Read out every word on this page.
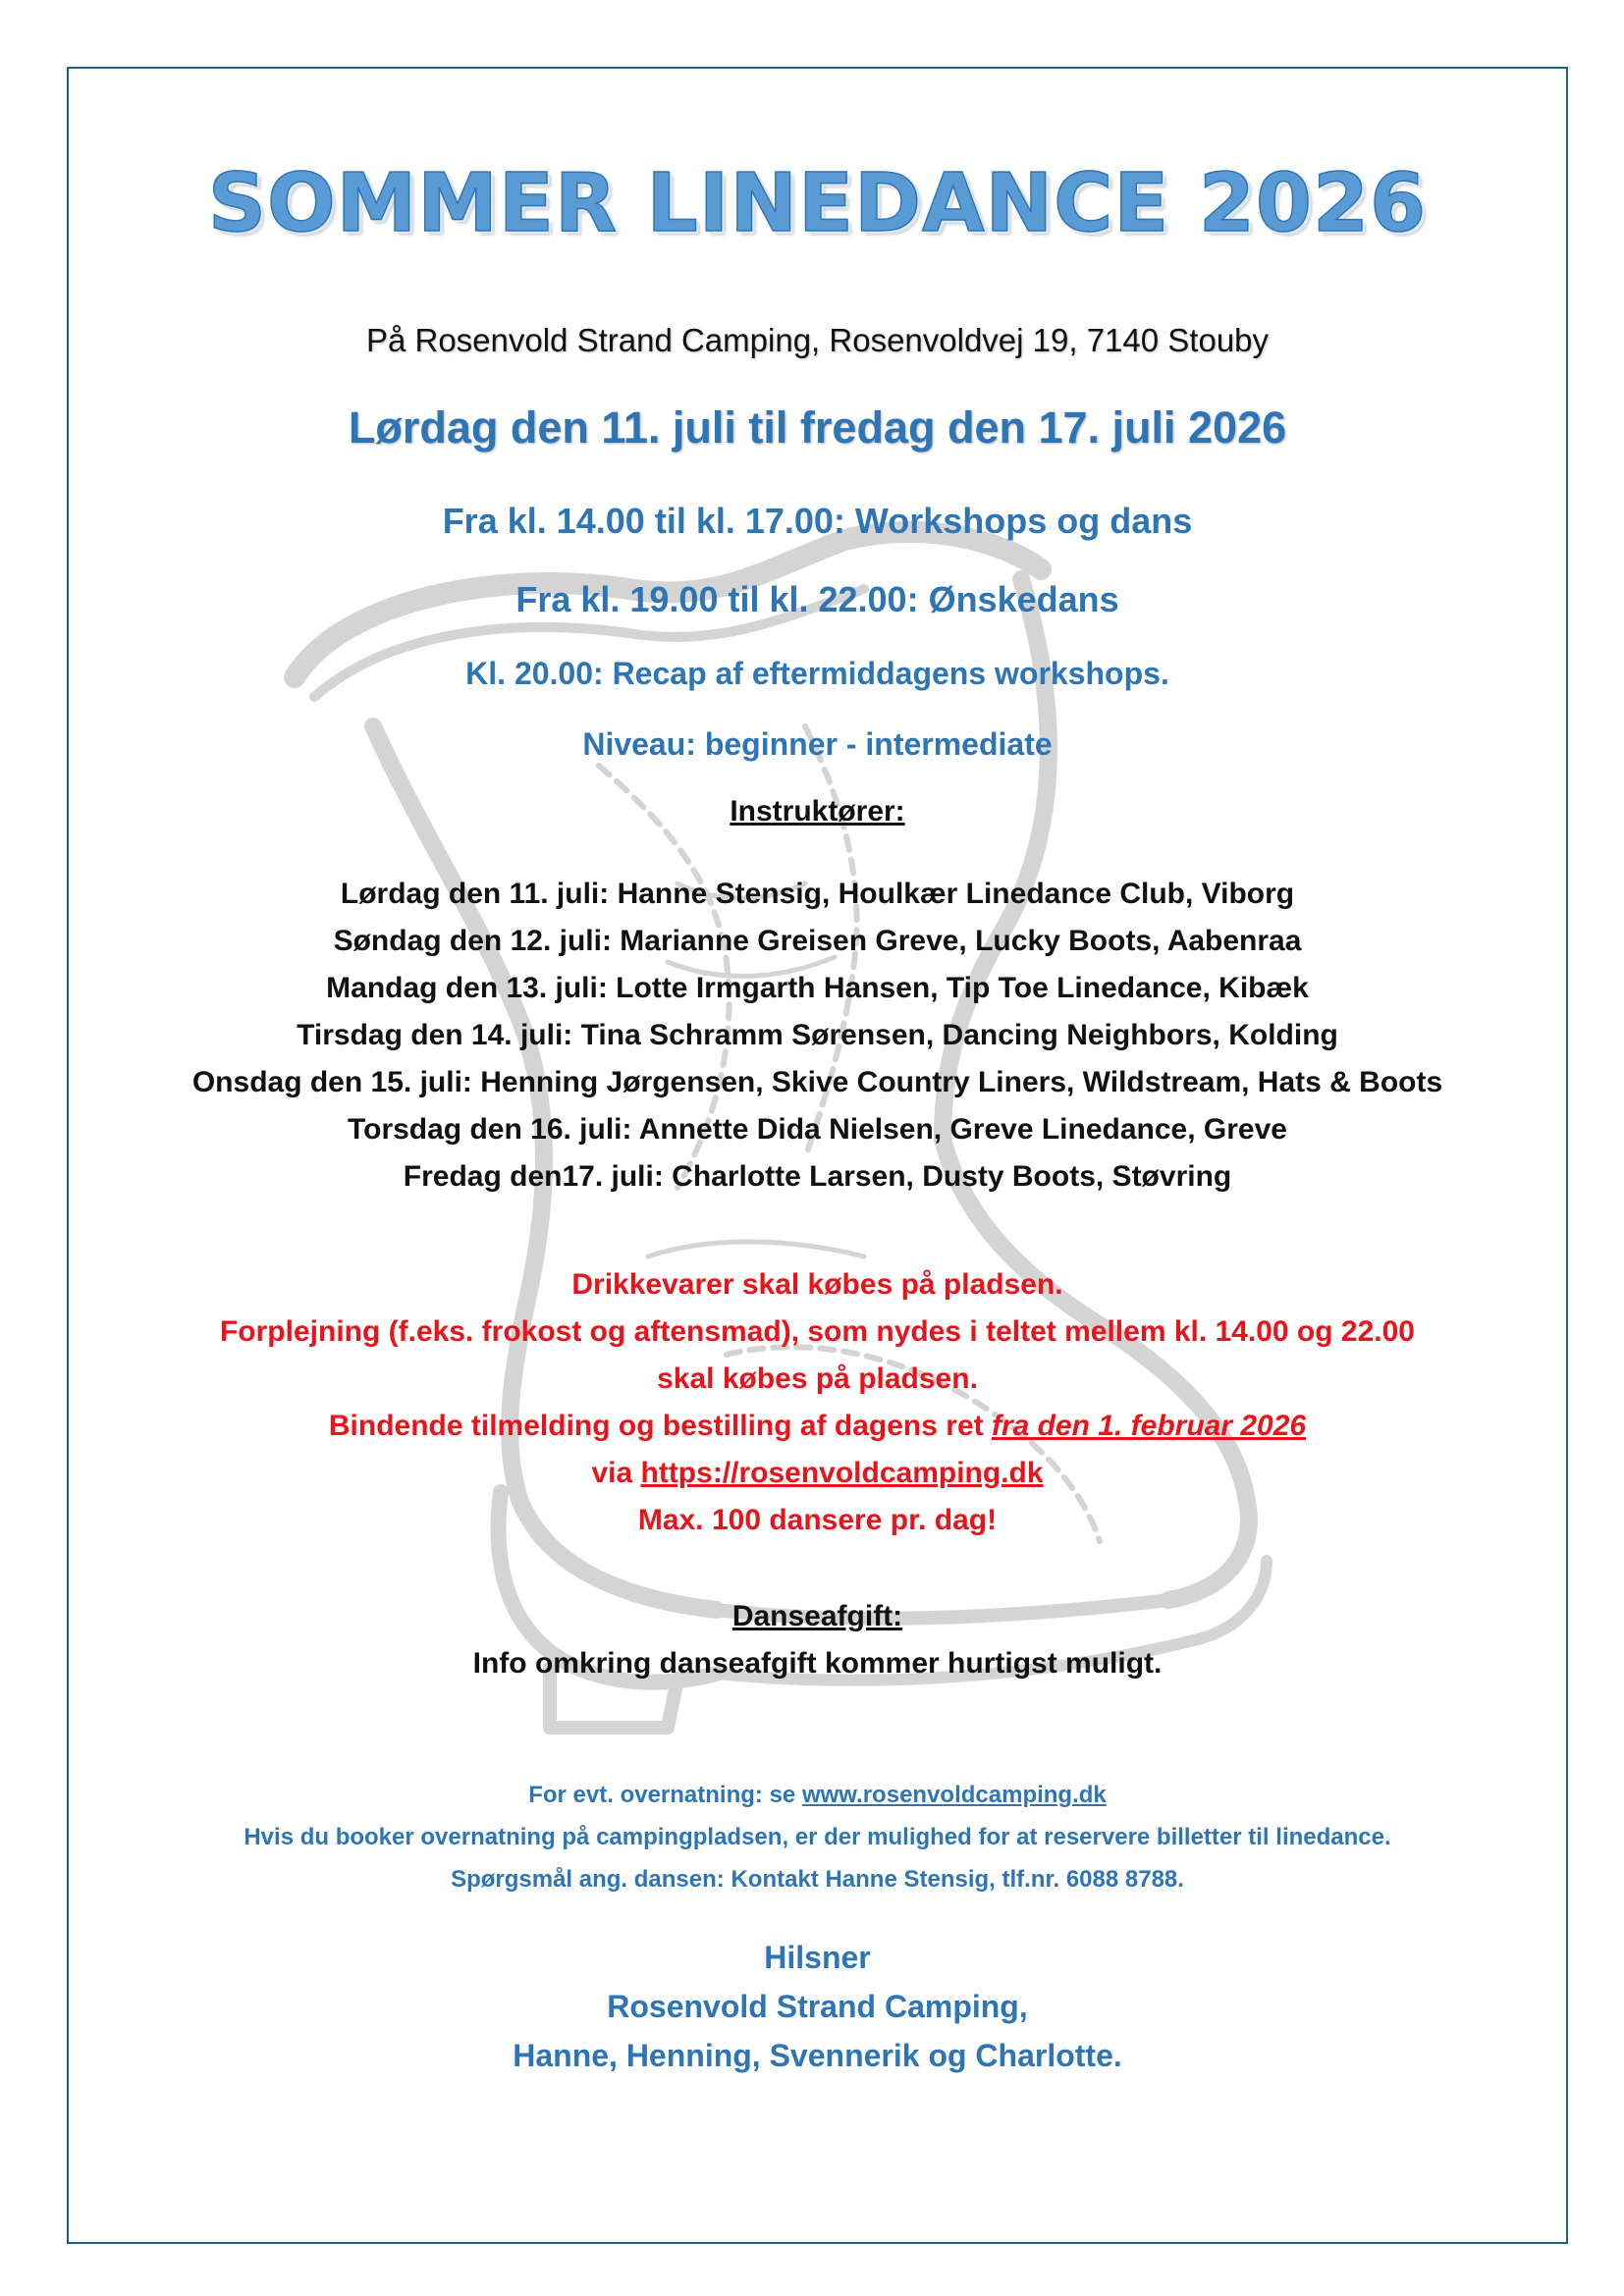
SOMMER LINEDANCE 2026

På Rosenvold Strand Camping, Rosenvoldvej 19, 7140 Stouby

Lørdag den 11. juli til fredag den 17. juli 2026

Fra kl. 14.00 til kl. 17.00: Workshops og dans

Fra kl. 19.00 til kl. 22.00: Ønskedans

Kl. 20.00: Recap af eftermiddagens workshops.

Niveau: beginner - intermediate

Instruktører:

Lørdag den 11. juli: Hanne Stensig, Houlkær Linedance Club, Viborg

Søndag den 12. juli: Marianne Greisen Greve, Lucky Boots, Aabenraa

Mandag den 13. juli: Lotte Irmgarth Hansen, Tip Toe Linedance, Kibæk

Tirsdag den 14. juli: Tina Schramm Sørensen, Dancing Neighbors, Kolding

Onsdag den 15. juli: Henning Jørgensen, Skive Country Liners, Wildstream, Hats & Boots

Torsdag den 16. juli: Annette Dida Nielsen, Greve Linedance, Greve

Fredag den17. juli: Charlotte Larsen, Dusty Boots, Støvring

Drikkevarer skal købes på pladsen.

Forplejning (f.eks. frokost og aftensmad), som nydes i teltet mellem kl. 14.00 og 22.00

skal købes på pladsen.

Bindende tilmelding og bestilling af dagens ret fra den 1. februar 2026

via https://rosenvoldcamping.dk

Max. 100 dansere pr. dag!

Danseafgift:

Info omkring danseafgift kommer hurtigst muligt.

For evt. overnatning: se www.rosenvoldcamping.dk

Hvis du booker overnatning på campingpladsen, er der mulighed for at reservere billetter til linedance.

Spørgsmål ang. dansen: Kontakt Hanne Stensig, tlf.nr. 6088 8788.

Hilsner

Rosenvold Strand Camping,

Hanne, Henning, Svennerik og Charlotte.
